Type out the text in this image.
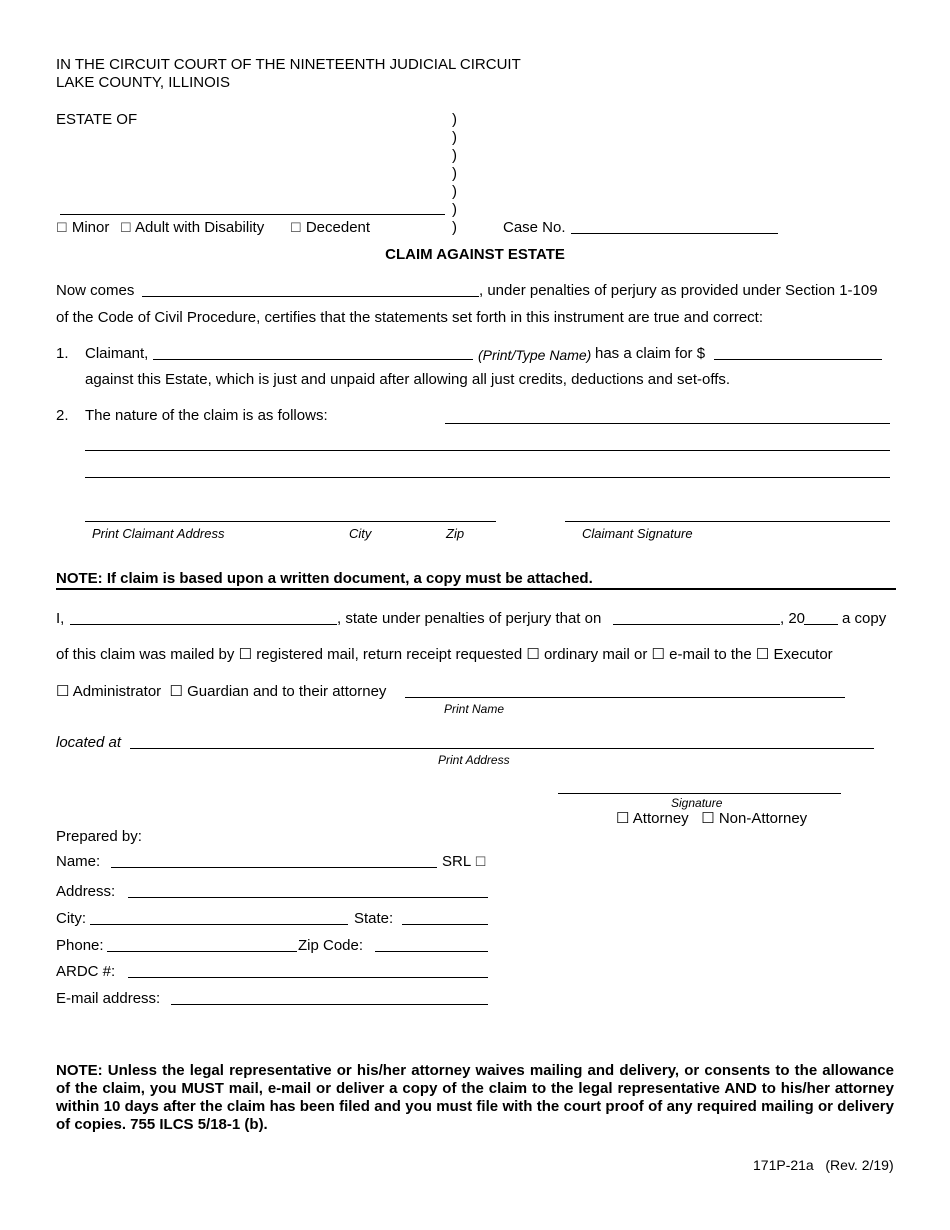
IN THE CIRCUIT COURT OF THE NINETEENTH JUDICIAL CIRCUIT
LAKE COUNTY, ILLINOIS
ESTATE OF	)
)
)
)
)
)
)
☐ Minor ☐ Adult with Disability ☐ Decedent	Case No.
CLAIM AGAINST ESTATE
Now comes	, under penalties of perjury as provided under Section 1-109
of the Code of Civil Procedure, certifies that the statements set forth in this instrument are true and correct:
1. Claimant,	(Print/Type Name) has a claim for $
against this Estate, which is just and unpaid after allowing all just credits, deductions and set-offs.
2. The nature of the claim is as follows:
Print Claimant Address	City	Zip	Claimant Signature
NOTE: If claim is based upon a written document, a copy must be attached.
I,	, state under penalties of perjury that on	, 20 a copy
of this claim was mailed by ☐ registered mail, return receipt requested ☐ ordinary mail or ☐ e-mail to the ☐ Executor
☐ Administrator ☐ Guardian and to their attorney
Print Name
located at
Print Address
Signature
☐ Attorney ☐ Non-Attorney
Prepared by:
Name:	SRL ☐
Address:
City:	State:
Phone:	Zip Code:
ARDC #:
E-mail address:
NOTE: Unless the legal representative or his/her attorney waives mailing and delivery, or consents to the allowance of the claim, you MUST mail, e-mail or deliver a copy of the claim to the legal representative AND to his/her attorney within 10 days after the claim has been filed and you must file with the court proof of any required mailing or delivery of copies. 755 ILCS 5/18-1 (b).
171P-21a (Rev. 2/19)
